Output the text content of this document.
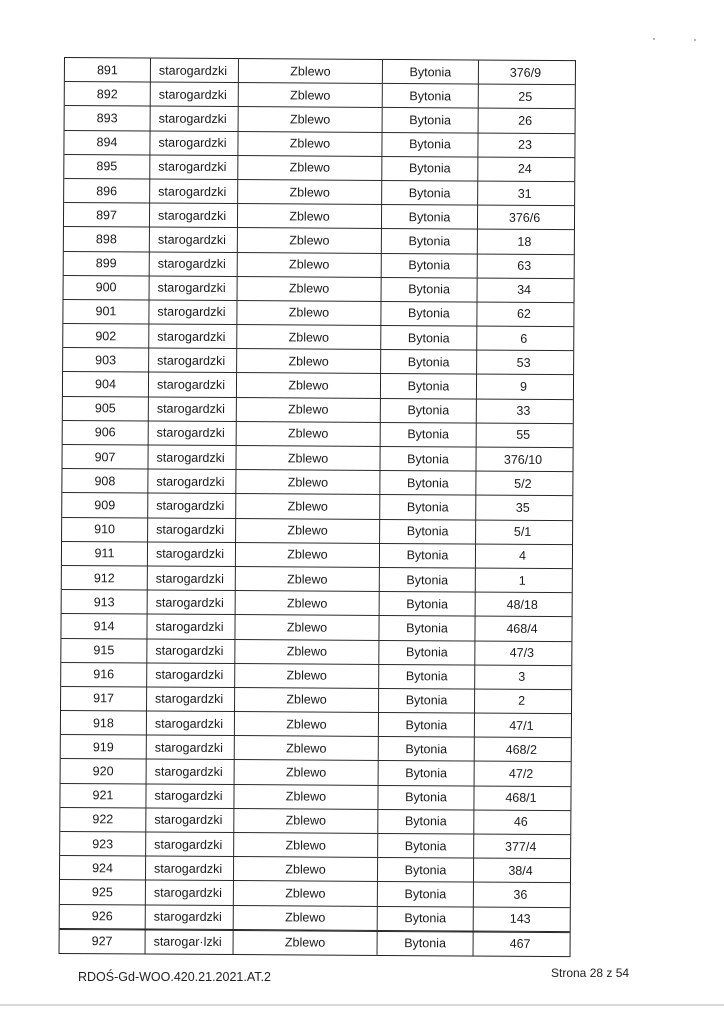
891	starogardzki	Zblewo	Bytonia	376/9
892	starogardzki	Zblewo	Bytonia	25
893	starogardzki	Zblewo	Bytonia	26
894	starogardzki	Zblewo	Bytonia	23
895	starogardzki	Zblewo	Bytonia	24
896	starogardzki	Zblewo	Bytonia	31
897	starogardzki	Zblewo	Bytonia	376/6
898	starogardzki	Zblewo	Bytonia	18
899	starogardzki	Zblewo	Bytonia	63
900	starogardzki	Zblewo	Bytonia	34
901	starogardzki	Zblewo	Bytonia	62
902	starogardzki	Zblewo	Bytonia	6
903	starogardzki	Zblewo	Bytonia	53
904	starogardzki	Zblewo	Bytonia	9
905	starogardzki	Zblewo	Bytonia	33
906	starogardzki	Zblewo	Bytonia	55
907	starogardzki	Zblewo	Bytonia	376/10
908	starogardzki	Zblewo	Bytonia	5/2
909	starogardzki	Zblewo	Bytonia	35
910	starogardzki	Zblewo	Bytonia	5/1
911	starogardzki	Zblewo	Bytonia	4
912	starogardzki	Zblewo	Bytonia	1
913	starogardzki	Zblewo	Bytonia	48/18
914	starogardzki	Zblewo	Bytonia	468/4
915	starogardzki	Zblewo	Bytonia	47/3
916	starogardzki	Zblewo	Bytonia	3
917	starogardzki	Zblewo	Bytonia	2
918	starogardzki	Zblewo	Bytonia	47/1
919	starogardzki	Zblewo	Bytonia	468/2
920	starogardzki	Zblewo	Bytonia	47/2
921	starogardzki	Zblewo	Bytonia	468/1
922	starogardzki	Zblewo	Bytonia	46
923	starogardzki	Zblewo	Bytonia	377/4
924	starogardzki	Zblewo	Bytonia	38/4
925	starogardzki	Zblewo	Bytonia	36
926	starogardzki	Zblewo	Bytonia	143
927	starogar·lzki	Zblewo	Bytonia	467
RDOŚ-Gd-WOO.420.21.2021.AT.2	Strona 28 z 54
